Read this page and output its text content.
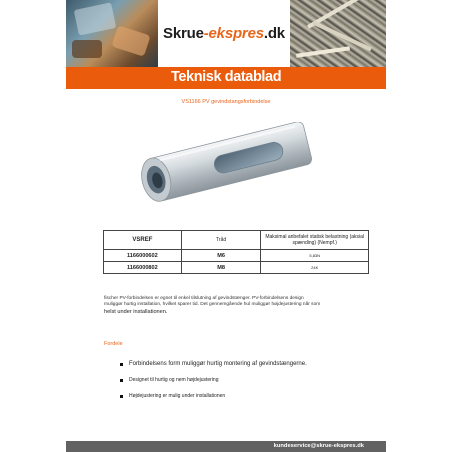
Skrue-ekspres.dk
Teknisk datablad
VS1166 PV gevindstangsforbindelse
VSREF	Tråd	Maksimal anbefalet statisk belastning (aksial spænding) (Nempf.)
1166000602	M6	5,83N
1166000802	M8	24K
fischer PV-forbindelsen er egnet til enkel tilslutning af gevindstænger. PV-forbindelsens design
muliggør hurtig installation, hvilket sparer tid. Det gennemgående hul muliggør højdejustering når som
helst under installationen.
Fordele
Forbindelsens form muliggør hurtig montering af gevindstængerne.
Designet til hurtig og nem højdejustering
Højdejustering er mulig under installationen
kundeservice@skrue-ekspres.dk
